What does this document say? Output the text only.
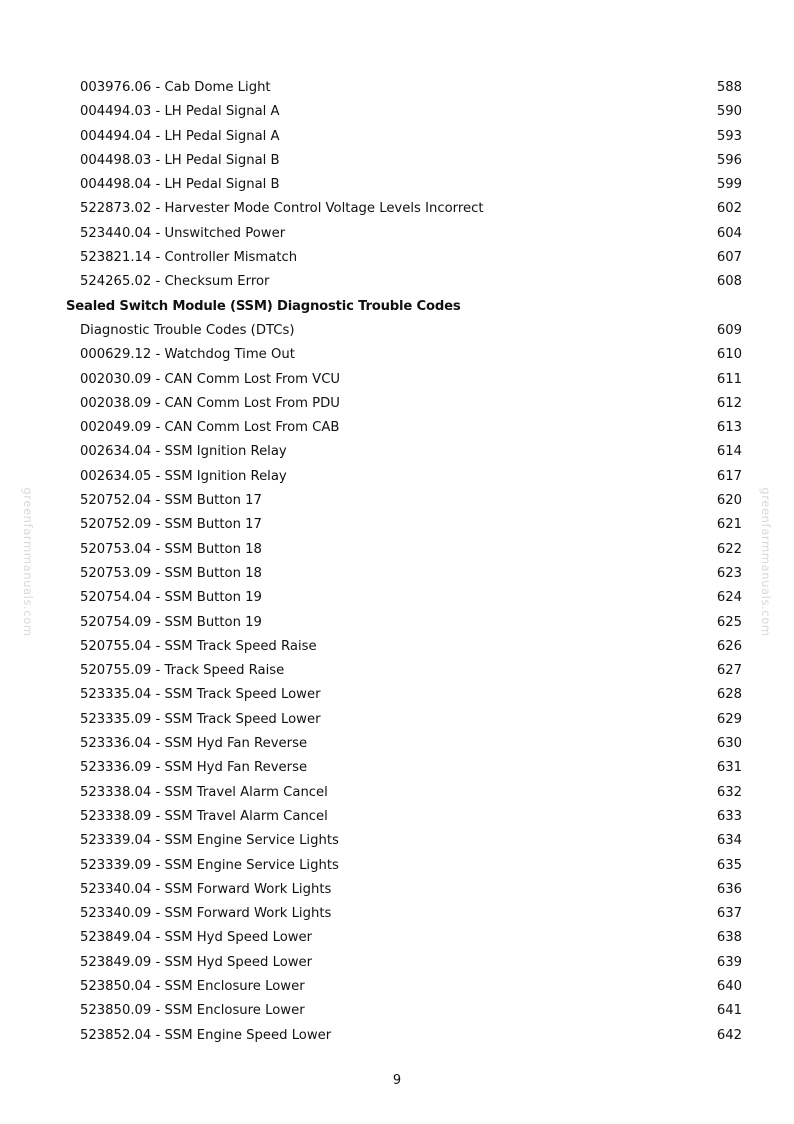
003976.06 - Cab Dome Light	588
004494.03 - LH Pedal Signal A	590
004494.04 - LH Pedal Signal A	593
004498.03 - LH Pedal Signal B	596
004498.04 - LH Pedal Signal B	599
522873.02 - Harvester Mode Control Voltage Levels Incorrect	602
523440.04 - Unswitched Power	604
523821.14 - Controller Mismatch	607
524265.02 - Checksum Error	608
Sealed Switch Module (SSM) Diagnostic Trouble Codes
Diagnostic Trouble Codes (DTCs)	609
000629.12 - Watchdog Time Out	610
002030.09 - CAN Comm Lost From VCU	611
002038.09 - CAN Comm Lost From PDU	612
002049.09 - CAN Comm Lost From CAB	613
002634.04 - SSM Ignition Relay	614
002634.05 - SSM Ignition Relay	617
520752.04 - SSM Button 17	620
520752.09 - SSM Button 17	621
520753.04 - SSM Button 18	622
520753.09 - SSM Button 18	623
520754.04 - SSM Button 19	624
520754.09 - SSM Button 19	625
520755.04 - SSM Track Speed Raise	626
520755.09 - Track Speed Raise	627
523335.04 - SSM Track Speed Lower	628
523335.09 - SSM Track Speed Lower	629
523336.04 - SSM Hyd Fan Reverse	630
523336.09 - SSM Hyd Fan Reverse	631
523338.04 - SSM Travel Alarm Cancel	632
523338.09 - SSM Travel Alarm Cancel	633
523339.04 - SSM Engine Service Lights	634
523339.09 - SSM Engine Service Lights	635
523340.04 - SSM Forward Work Lights	636
523340.09 - SSM Forward Work Lights	637
523849.04 - SSM Hyd Speed Lower	638
523849.09 - SSM Hyd Speed Lower	639
523850.04 - SSM Enclosure Lower	640
523850.09 - SSM Enclosure Lower	641
523852.04 - SSM Engine Speed Lower	642
9
greenfarmmanuals.com	greenfarmmanuals.com
